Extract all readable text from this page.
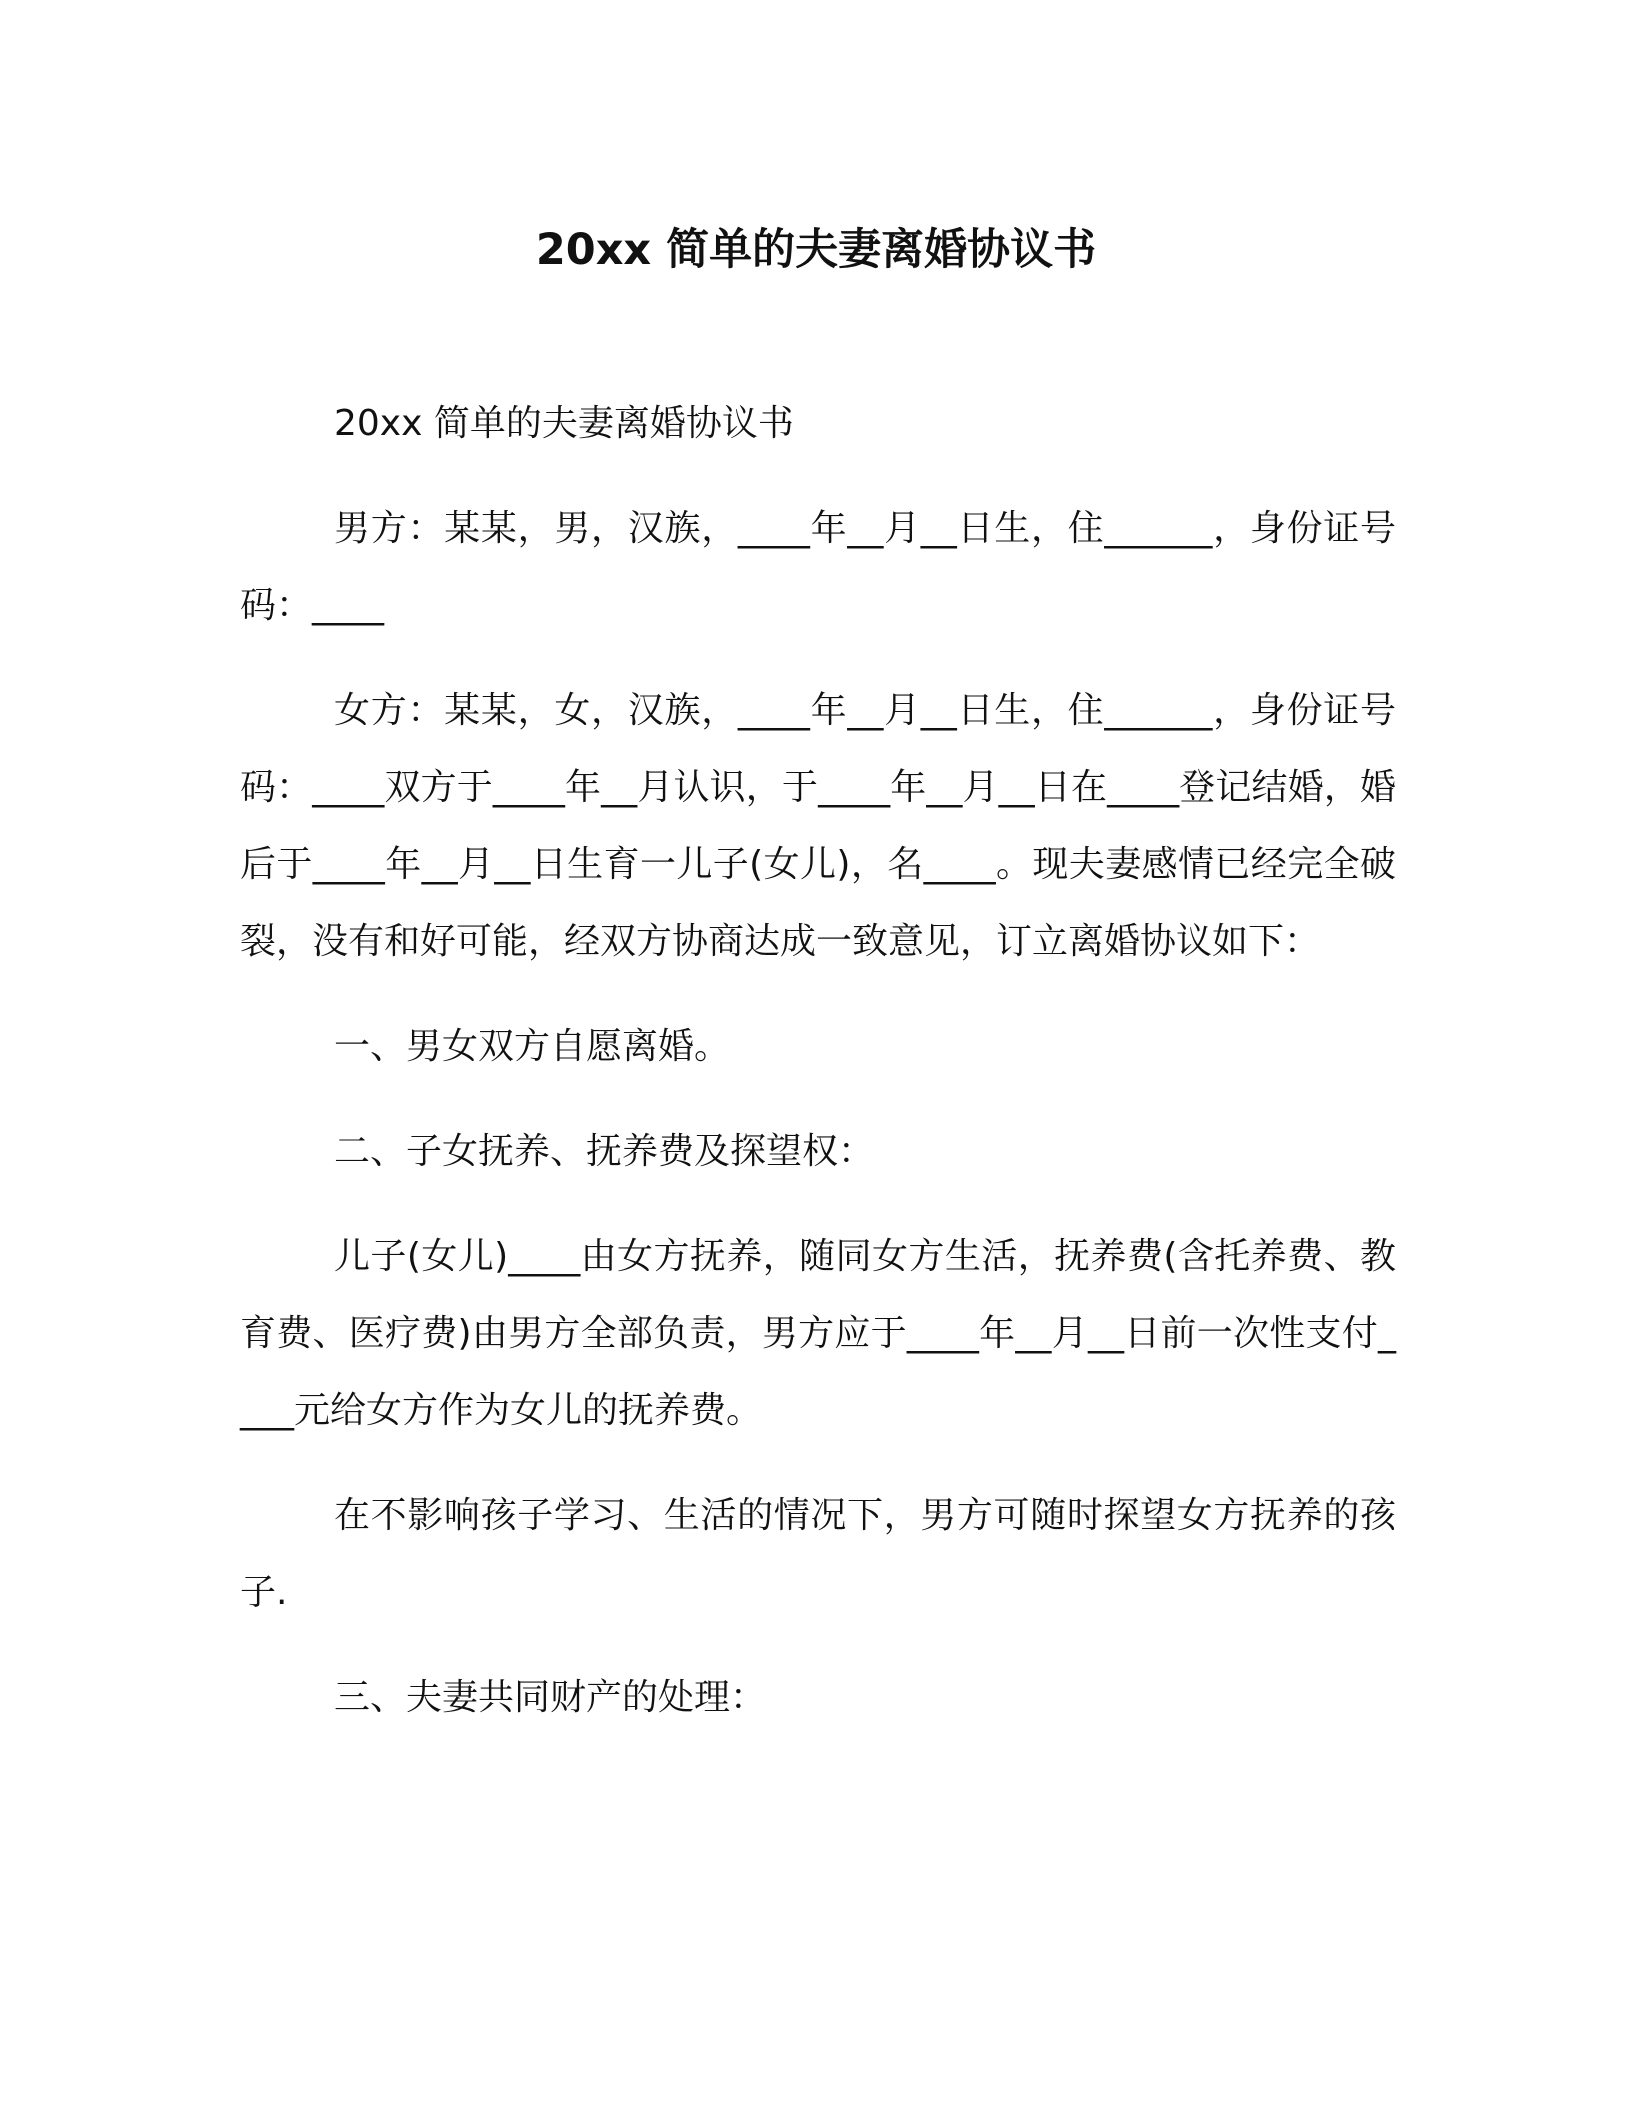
20xx 简单的夫妻离婚协议书

20xx 简单的夫妻离婚协议书

男方：某某，男，汉族，____年__月__日生，住______，身份证号码：____

女方：某某，女，汉族，____年__月__日生，住______，身份证号码：____双方于____年__月认识，于____年__月__日在____登记结婚，婚后于____年__月__日生育一儿子(女儿)，名____。现夫妻感情已经完全破裂，没有和好可能，经双方协商达成一致意见，订立离婚协议如下：

一、男女双方自愿离婚。

二、子女抚养、抚养费及探望权：

儿子(女儿)____由女方抚养，随同女方生活，抚养费(含托养费、教育费、医疗费)由男方全部负责，男方应于____年__月__日前一次性支付____元给女方作为女儿的抚养费。

在不影响孩子学习、生活的情况下，男方可随时探望女方抚养的孩子.

三、夫妻共同财产的处理：
